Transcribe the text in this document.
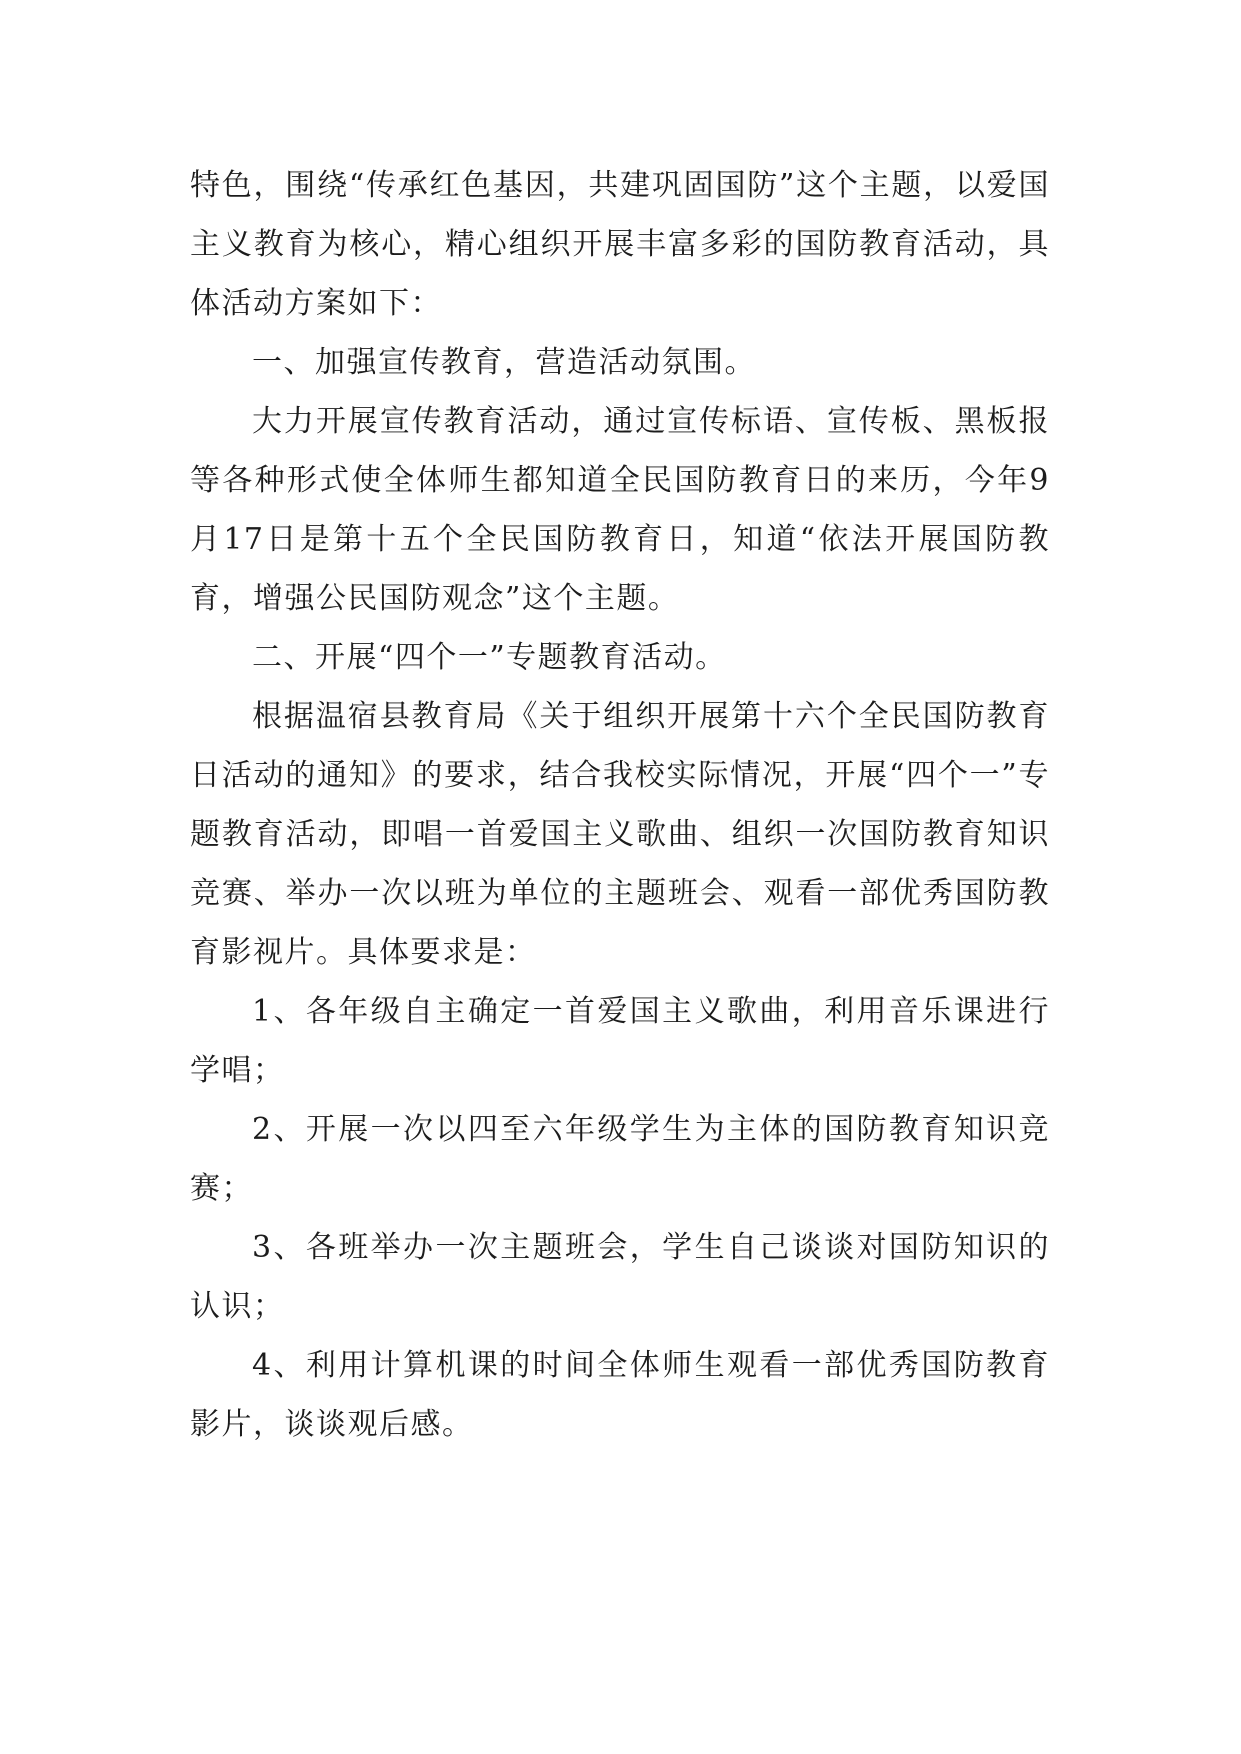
特色，围绕“传承红色基因，共建巩固国防”这个主题，以爱国主义教育为核心，精心组织开展丰富多彩的国防教育活动，具体活动方案如下：

一、加强宣传教育，营造活动氛围。

大力开展宣传教育活动，通过宣传标语、宣传板、黑板报等各种形式使全体师生都知道全民国防教育日的来历，今年9月17日是第十五个全民国防教育日，知道“依法开展国防教育，增强公民国防观念”这个主题。

二、开展“四个一”专题教育活动。

根据温宿县教育局《关于组织开展第十六个全民国防教育日活动的通知》的要求，结合我校实际情况，开展“四个一”专题教育活动，即唱一首爱国主义歌曲、组织一次国防教育知识竞赛、举办一次以班为单位的主题班会、观看一部优秀国防教育影视片。具体要求是：

1、各年级自主确定一首爱国主义歌曲，利用音乐课进行学唱；

2、开展一次以四至六年级学生为主体的国防教育知识竞赛；

3、各班举办一次主题班会，学生自己谈谈对国防知识的认识；

4、利用计算机课的时间全体师生观看一部优秀国防教育影片，谈谈观后感。
